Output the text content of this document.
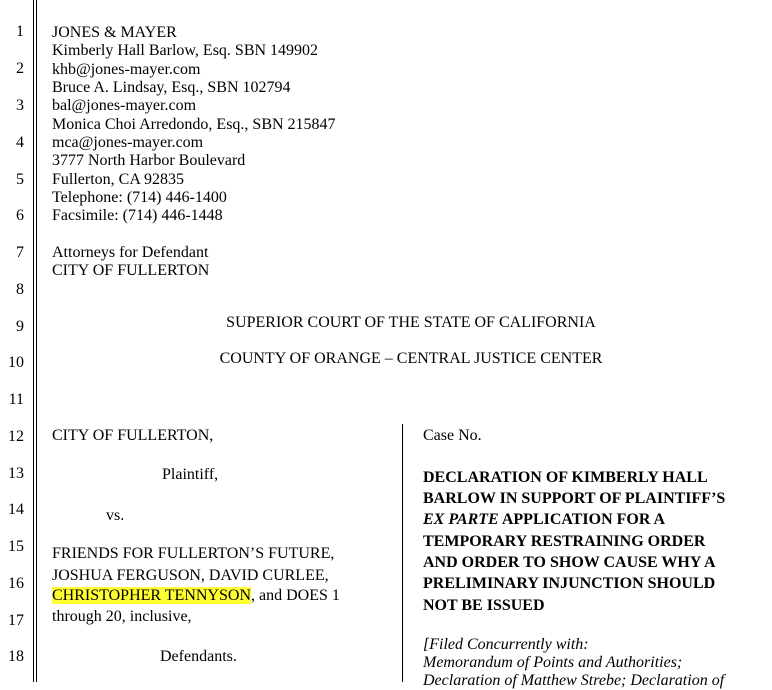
1
2
3
4
5
6
7
8
9
10
11
12
13
14
15
16
17
18
JONES & MAYER
Kimberly Hall Barlow, Esq. SBN 149902
khb@jones-mayer.com
Bruce A. Lindsay, Esq., SBN 102794
bal@jones-mayer.com
Monica Choi Arredondo, Esq., SBN 215847
mca@jones-mayer.com
3777 North Harbor Boulevard
Fullerton, CA 92835
Telephone: (714) 446-1400
Facsimile: (714) 446-1448
Attorneys for Defendant
CITY OF FULLERTON
SUPERIOR COURT OF THE STATE OF CALIFORNIA
COUNTY OF ORANGE – CENTRAL JUSTICE CENTER
CITY OF FULLERTON,
Plaintiff,
vs.
FRIENDS FOR FULLERTON’S FUTURE,
JOSHUA FERGUSON, DAVID CURLEE,
CHRISTOPHER TENNYSON, and DOES 1
through 20, inclusive,
Defendants.
Case No.
DECLARATION OF KIMBERLY HALL
BARLOW IN SUPPORT OF PLAINTIFF’S
EX PARTE APPLICATION FOR A
TEMPORARY RESTRAINING ORDER
AND ORDER TO SHOW CAUSE WHY A
PRELIMINARY INJUNCTION SHOULD
NOT BE ISSUED
[Filed Concurrently with:
Memorandum of Points and Authorities;
Declaration of Matthew Strebe; Declaration of
